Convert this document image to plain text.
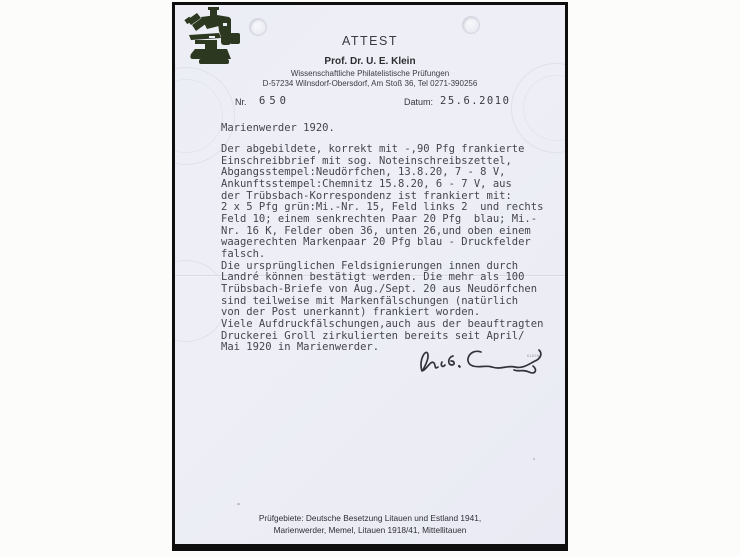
ATTEST
Prof. Dr. U. E. Klein
Wissenschaftliche Philatelistische Prüfungen
D-57234 Wilnsdorf-Obersdorf, Am Stoß 36, Tel 0271-390256
Nr. 650	Datum: 25.6.2010
Marienwerder 1920.
Der abgebildete, korrekt mit -,90 Pfg frankierte
Einschreibbrief mit sog. Noteinschreibszettel,
Abgangsstempel:Neudörfchen, 13.8.20, 7 - 8 V,
Ankunftsstempel:Chemnitz 15.8.20, 6 - 7 V, aus
der Trübsbach-Korrespondenz ist frankiert mit:
2 x 5 Pfg grün:Mi.-Nr. 15, Feld links 2  und rechts
Feld 10; einem senkrechten Paar 20 Pfg  blau; Mi.-
Nr. 16 K, Felder oben 36, unten 26,und oben einem
waagerechten Markenpaar 20 Pfg blau - Druckfelder
falsch.
Die ursprünglichen Feldsignierungen innen durch
Landré können bestätigt werden. Die mehr als 100
Trübsbach-Briefe von Aug./Sept. 20 aus Neudörfchen
sind teilweise mit Markenfälschungen (natürlich
von der Post unerkannt) frankiert worden.
Viele Aufdruckfälschungen,auch aus der beauftragten
Druckerei Groll zirkulierten bereits seit April/
Mai 1920 in Marienwerder.
KLEIN
Prüfgebiete: Deutsche Besetzung Litauen und Estland 1941,
Marienwerder, Memel, Litauen 1918/41, Mittellitauen
